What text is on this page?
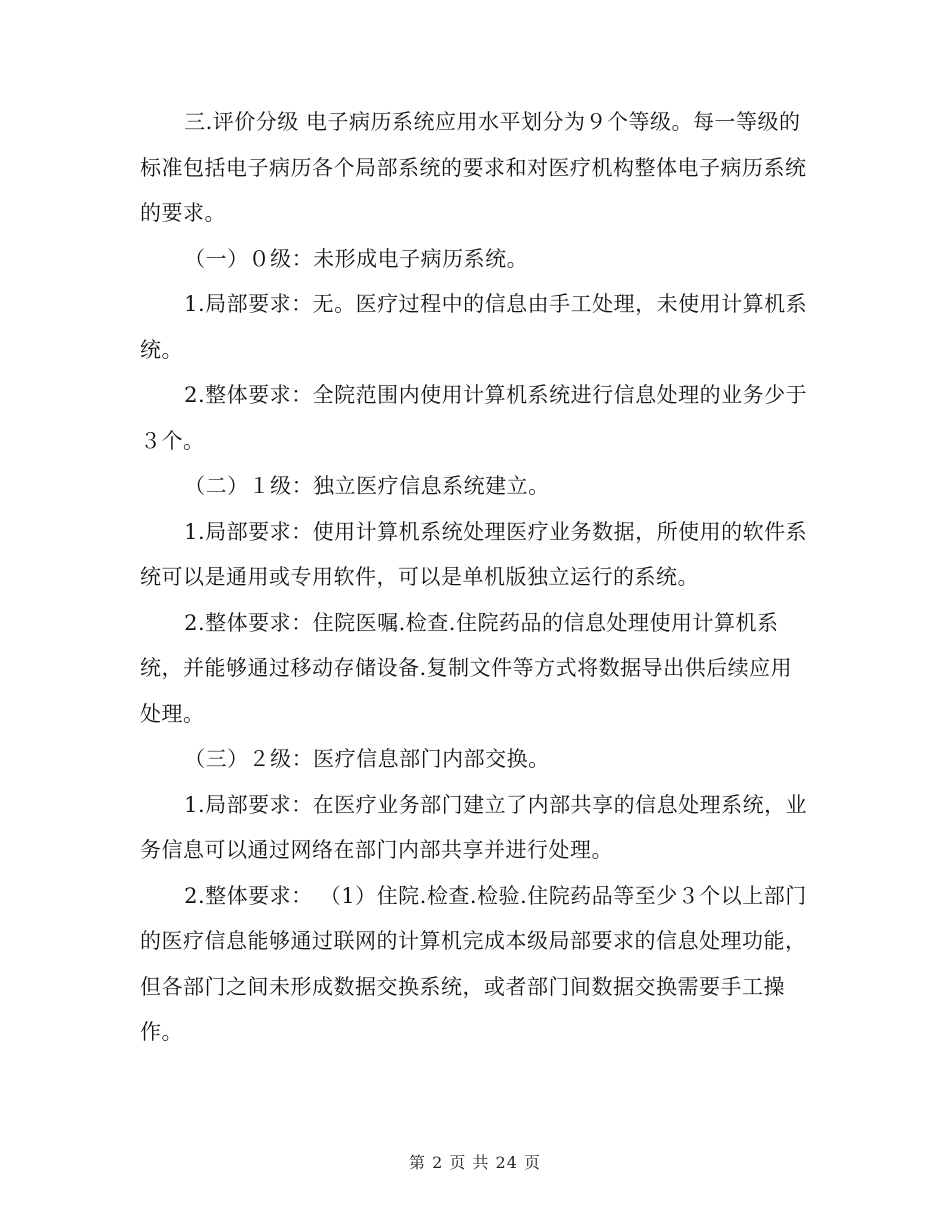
三.评价分级 电子病历系统应用水平划分为９个等级。每一等级的标准包括电子病历各个局部系统的要求和对医疗机构整体电子病历系统的要求。

（一）０级：未形成电子病历系统。

1.局部要求：无。医疗过程中的信息由手工处理，未使用计算机系统。

2.整体要求：全院范围内使用计算机系统进行信息处理的业务少于３个。

（二）１级：独立医疗信息系统建立。

1.局部要求：使用计算机系统处理医疗业务数据，所使用的软件系统可以是通用或专用软件，可以是单机版独立运行的系统。

2.整体要求：住院医嘱.检查.住院药品的信息处理使用计算机系统，并能够通过移动存储设备.复制文件等方式将数据导出供后续应用处理。

（三）２级：医疗信息部门内部交换。

1.局部要求：在医疗业务部门建立了内部共享的信息处理系统，业务信息可以通过网络在部门内部共享并进行处理。

2.整体要求： （1）住院.检查.检验.住院药品等至少３个以上部门的医疗信息能够通过联网的计算机完成本级局部要求的信息处理功能，但各部门之间未形成数据交换系统，或者部门间数据交换需要手工操作。

第 2 页 共 24 页
